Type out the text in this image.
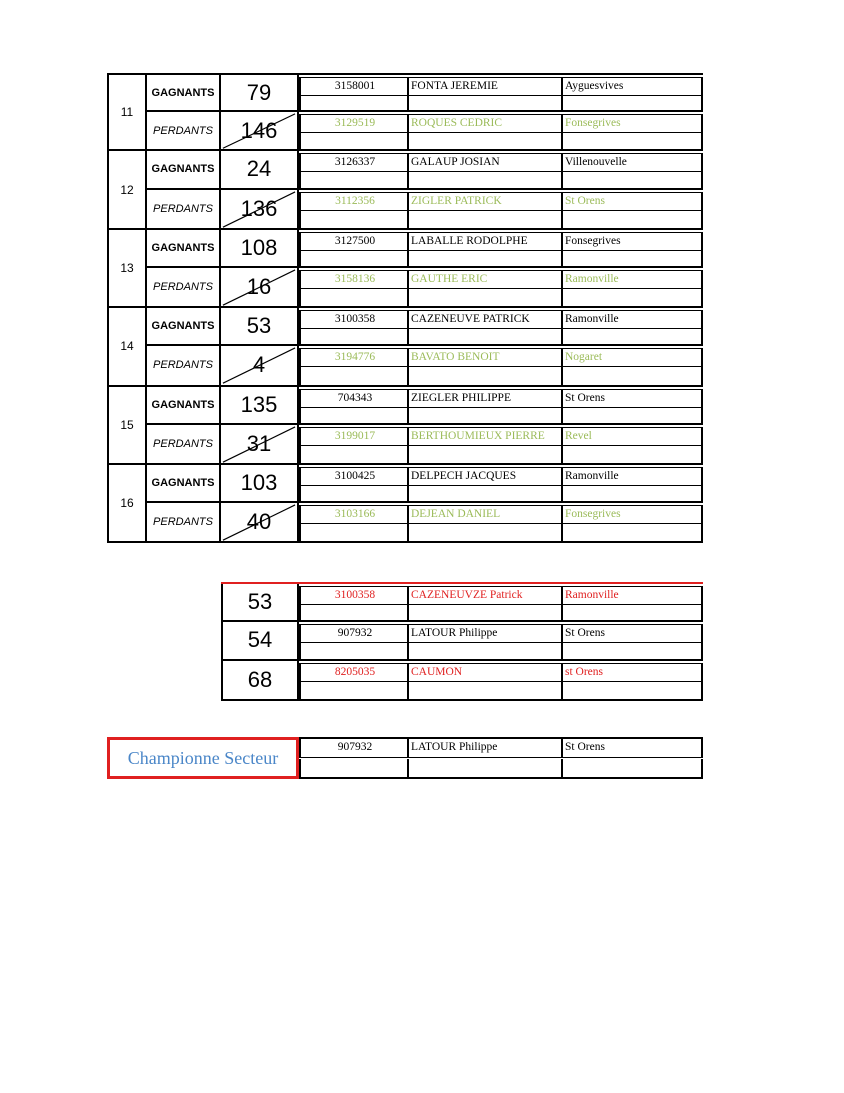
11
GAGNANTS	79	3158001	FONTA JEREMIE	Ayguesvives
PERDANTS	146	3129519	ROQUES CEDRIC	Fonsegrives
12
GAGNANTS	24	3126337	GALAUP JOSIAN	Villenouvelle
PERDANTS	136	3112356	ZIGLER PATRICK	St Orens
13
GAGNANTS	108	3127500	LABALLE RODOLPHE	Fonsegrives
PERDANTS	16	3158136	GAUTHE ERIC	Ramonville
14
GAGNANTS	53	3100358	CAZENEUVE PATRICK	Ramonville
PERDANTS	4	3194776	BAVATO BENOIT	Nogaret
15
GAGNANTS	135	704343	ZIEGLER PHILIPPE	St Orens
PERDANTS	31	3199017	BERTHOUMIEUX PIERRE	Revel
16
GAGNANTS	103	3100425	DELPECH JACQUES	Ramonville
PERDANTS	40	3103166	DEJEAN DANIEL	Fonsegrives
53	3100358	CAZENEUVZE Patrick	Ramonville
54	907932	LATOUR Philippe	St Orens
68	8205035	CAUMON	st Orens
Championne Secteur
907932	LATOUR Philippe	St Orens
